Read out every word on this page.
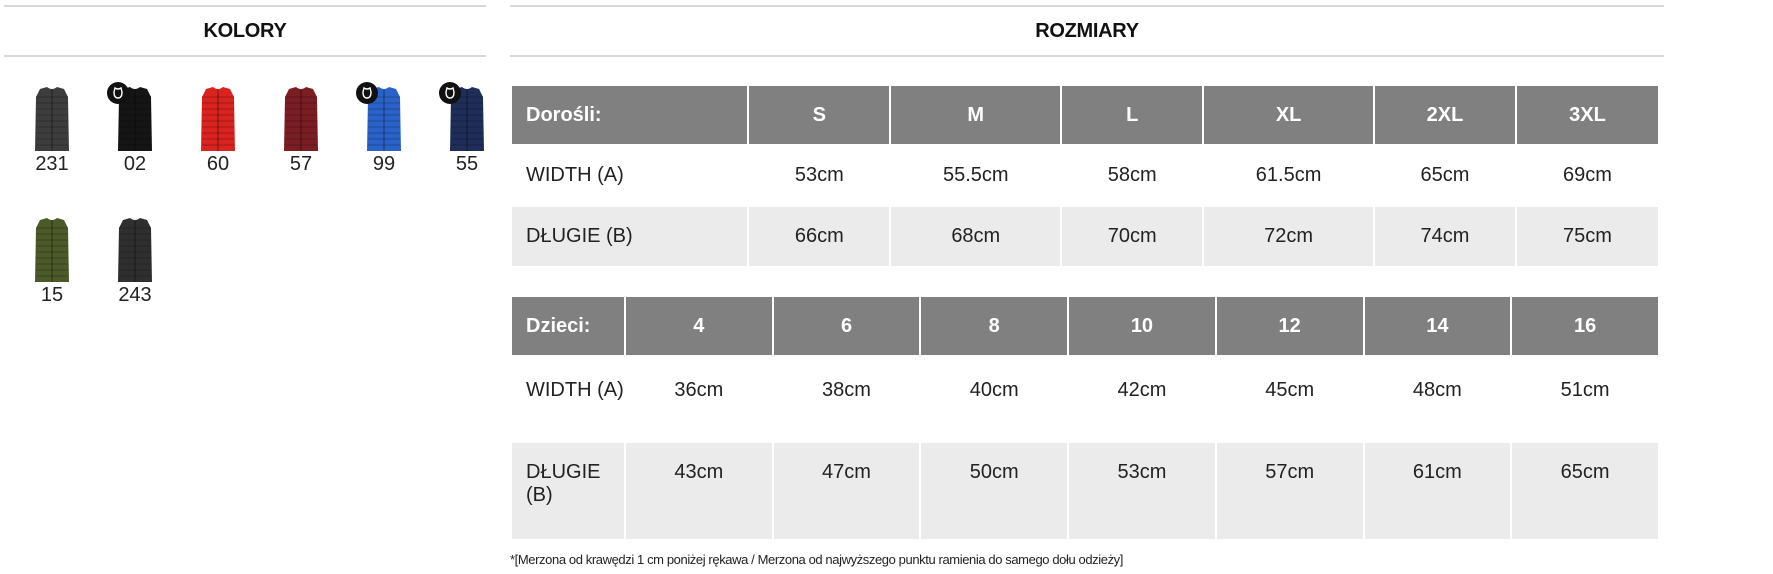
KOLORY
231	02	60	57	99	55
15	243
ROZMIARY
Dorośli:	S	M	L	XL	2XL	3XL
WIDTH (A)	53cm	55.5cm	58cm	61.5cm	65cm	69cm
DŁUGIE (B)	66cm	68cm	70cm	72cm	74cm	75cm
Dzieci:	4	6	8	10	12	14	16
WIDTH (A)	36cm	38cm	40cm	42cm	45cm	48cm	51cm
DŁUGIE (B)	43cm	47cm	50cm	53cm	57cm	61cm	65cm
*[Merzona od krawędzi 1 cm poniżej rękawa / Merzona od najwyższego punktu ramienia do samego dołu odzieży]
